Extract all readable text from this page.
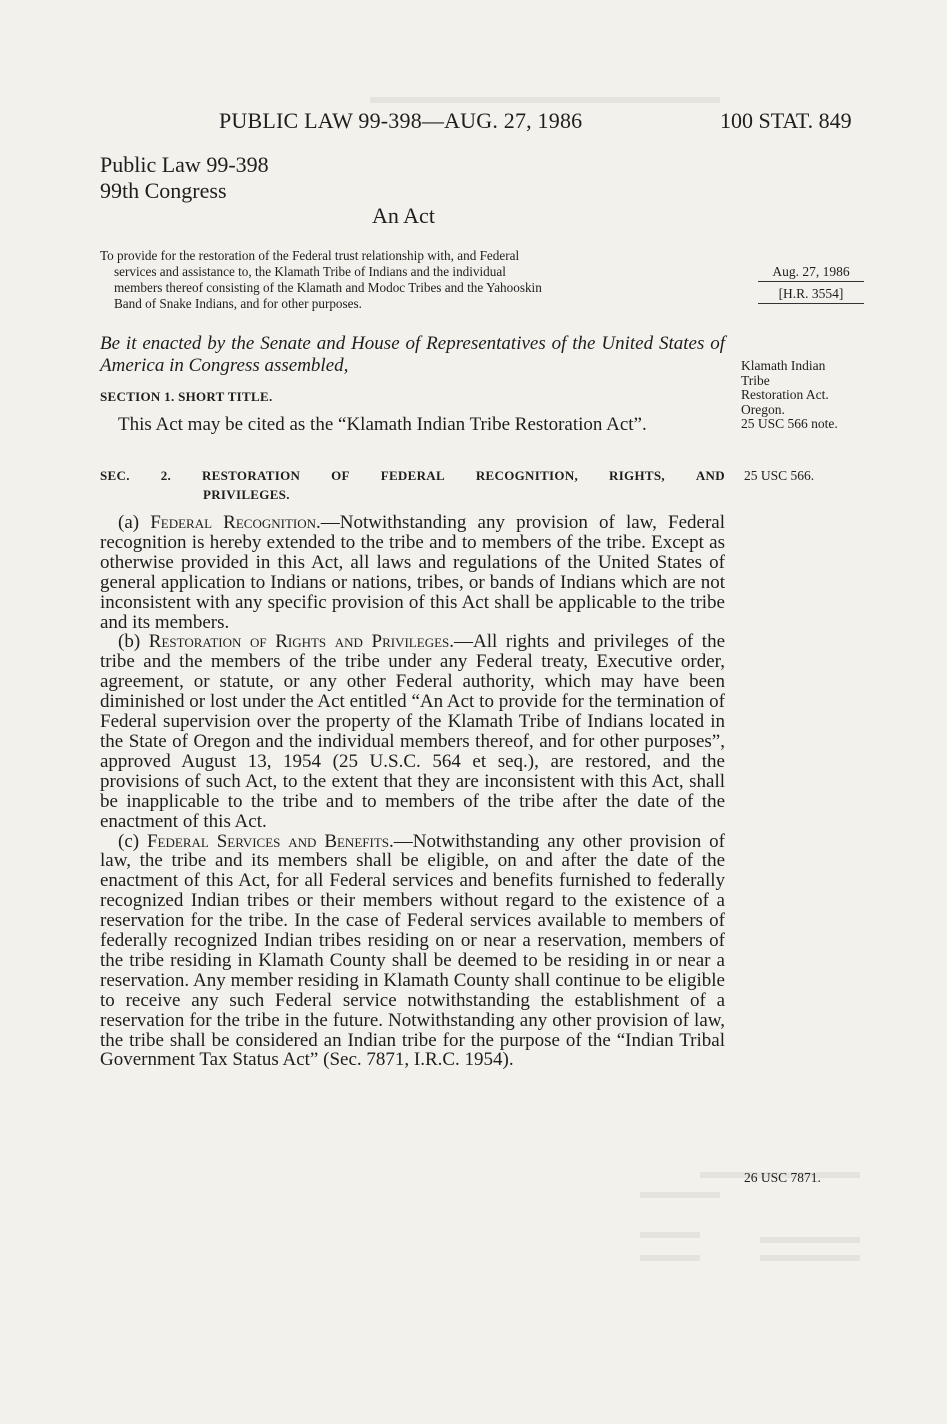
PUBLIC LAW 99-398—AUG. 27, 1986	100 STAT. 849
Public Law 99-398
99th Congress
An Act
To provide for the restoration of the Federal trust relationship with, and Federal
services and assistance to, the Klamath Tribe of Indians and the individual
members thereof consisting of the Klamath and Modoc Tribes and the Yahooskin
Band of Snake Indians, and for other purposes.
Be it enacted by the Senate and House of Representatives of the United States of America in Congress assembled,
SECTION 1. SHORT TITLE.
This Act may be cited as the “Klamath Indian Tribe Restoration Act”.
SEC. 2. RESTORATION OF FEDERAL RECOGNITION, RIGHTS, AND
PRIVILEGES.

(a) Federal Recognition.—Notwithstanding any provision of law, Federal recognition is hereby extended to the tribe and to members of the tribe. Except as otherwise provided in this Act, all laws and regulations of the United States of general application to Indians or nations, tribes, or bands of Indians which are not inconsistent with any specific provision of this Act shall be applicable to the tribe and its members.

(b) Restoration of Rights and Privileges.—All rights and privileges of the tribe and the members of the tribe under any Federal treaty, Executive order, agreement, or statute, or any other Federal authority, which may have been diminished or lost under the Act entitled “An Act to provide for the termination of Federal supervision over the property of the Klamath Tribe of Indians located in the State of Oregon and the individual members thereof, and for other purposes”, approved August 13, 1954 (25 U.S.C. 564 et seq.), are restored, and the provisions of such Act, to the extent that they are inconsistent with this Act, shall be inapplicable to the tribe and to members of the tribe after the date of the enactment of this Act.

(c) Federal Services and Benefits.—Notwithstanding any other provision of law, the tribe and its members shall be eligible, on and after the date of the enactment of this Act, for all Federal services and benefits furnished to federally recognized Indian tribes or their members without regard to the existence of a reservation for the tribe. In the case of Federal services available to members of federally recognized Indian tribes residing on or near a reservation, members of the tribe residing in Klamath County shall be deemed to be residing in or near a reservation. Any member residing in Klamath County shall continue to be eligible to receive any such Federal service notwithstanding the establishment of a reservation for the tribe in the future. Notwithstanding any other provision of law, the tribe shall be considered an Indian tribe for the purpose of the “Indian Tribal Government Tax Status Act” (Sec. 7871, I.R.C. 1954).

Aug. 27, 1986
[H.R. 3554]
Klamath Indian
Tribe
Restoration Act.
Oregon.
25 USC 566 note.
25 USC 566.
26 USC 7871.
